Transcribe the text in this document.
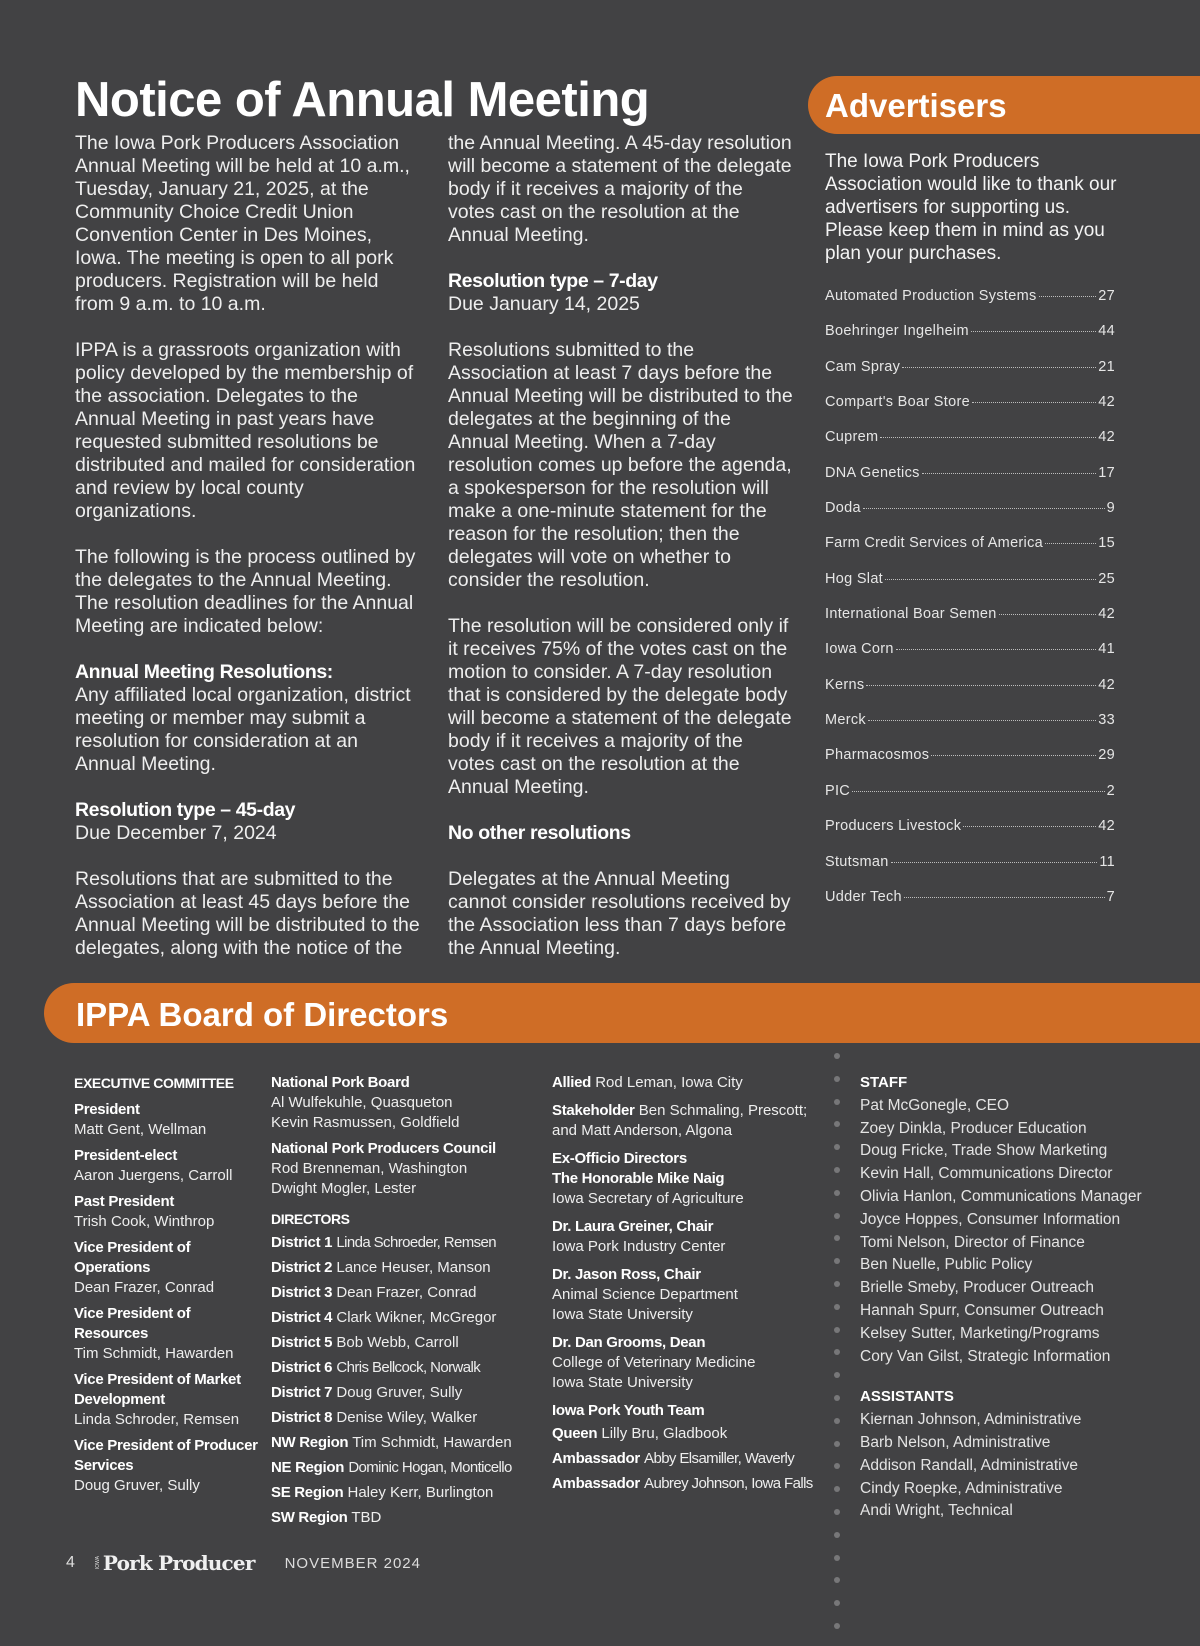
Notice of Annual Meeting

The Iowa Pork Producers Association Annual Meeting will be held at 10 a.m., Tuesday, January 21, 2025, at the Community Choice Credit Union Convention Center in Des Moines, Iowa. The meeting is open to all pork producers. Registration will be held from 9 a.m. to 10 a.m.

IPPA is a grassroots organization with policy developed by the membership of the association. Delegates to the Annual Meeting in past years have requested submitted resolutions be distributed and mailed for consideration and review by local county organizations.

The following is the process outlined by the delegates to the Annual Meeting. The resolution deadlines for the Annual Meeting are indicated below:

Annual Meeting Resolutions:
Any affiliated local organization, district meeting or member may submit a resolution for consideration at an Annual Meeting.
Resolution type – 45-day
Due December 7, 2024

Resolutions that are submitted to the Association at least 45 days before the Annual Meeting will be distributed to the delegates, along with the notice of the

the Annual Meeting. A 45-day resolution will become a statement of the delegate body if it receives a majority of the votes cast on the resolution at the Annual Meeting.

Resolution type – 7-day
Due January 14, 2025

Resolutions submitted to the Association at least 7 days before the Annual Meeting will be distributed to the delegates at the beginning of the Annual Meeting. When a 7-day resolution comes up before the agenda, a spokesperson for the resolution will make a one-minute statement for the reason for the resolution; then the delegates will vote on whether to consider the resolution.

The resolution will be considered only if it receives 75% of the votes cast on the motion to consider. A 7-day resolution that is considered by the delegate body will become a statement of the delegate body if it receives a majority of the votes cast on the resolution at the Annual Meeting.

No other resolutions

Delegates at the Annual Meeting cannot consider resolutions received by the Association less than 7 days before the Annual Meeting.

Advertisers

The Iowa Pork Producers Association would like to thank our advertisers for supporting us. Please keep them in mind as you plan your purchases.

Automated Production Systems	27
Boehringer Ingelheim	44
Cam Spray	21
Compart's Boar Store	42
Cuprem	42
DNA Genetics	17
Doda	9
Farm Credit Services of America	15
Hog Slat	25
International Boar Semen	42
Iowa Corn	41
Kerns	42
Merck	33
Pharmacosmos	29
PIC	2
Producers Livestock	42
Stutsman	11
Udder Tech	7
IPPA Board of Directors
EXECUTIVE COMMITTEE
President
Matt Gent, Wellman
President-elect
Aaron Juergens, Carroll
Past President
Trish Cook, Winthrop
Vice President of Operations
Dean Frazer, Conrad
Vice President of Resources
Tim Schmidt, Hawarden
Vice President of Market Development
Linda Schroder, Remsen
Vice President of Producer Services
Doug Gruver, Sully
National Pork Board
Al Wulfekuhle, Quasqueton
Kevin Rasmussen, Goldfield
National Pork Producers Council
Rod Brenneman, Washington
Dwight Mogler, Lester
DIRECTORS
District 1 Linda Schroeder, Remsen
District 2 Lance Heuser, Manson
District 3 Dean Frazer, Conrad
District 4 Clark Wikner, McGregor
District 5 Bob Webb, Carroll
District 6 Chris Bellcock, Norwalk
District 7 Doug Gruver, Sully
District 8 Denise Wiley, Walker
NW Region Tim Schmidt, Hawarden
NE Region Dominic Hogan, Monticello
SE Region Haley Kerr, Burlington
SW Region TBD
Allied Rod Leman, Iowa City
Stakeholder Ben Schmaling, Prescott; and Matt Anderson, Algona
Ex-Officio Directors
The Honorable Mike Naig
Iowa Secretary of Agriculture
Dr. Laura Greiner, Chair
Iowa Pork Industry Center
Dr. Jason Ross, Chair
Animal Science Department
Iowa State University
Dr. Dan Grooms, Dean
College of Veterinary Medicine
Iowa State University
Iowa Pork Youth Team
Queen Lilly Bru, Gladbook
Ambassador Abby Elsamiller, Waverly
Ambassador Aubrey Johnson, Iowa Falls
STAFF
Pat McGonegle, CEO
Zoey Dinkla, Producer Education
Doug Fricke, Trade Show Marketing
Kevin Hall, Communications Director
Olivia Hanlon, Communications Manager
Joyce Hoppes, Consumer Information
Tomi Nelson, Director of Finance
Ben Nuelle, Public Policy
Brielle Smeby, Producer Outreach
Hannah Spurr, Consumer Outreach
Kelsey Sutter, Marketing/Programs
Cory Van Gilst, Strategic Information
ASSISTANTS
Kiernan Johnson, Administrative
Barb Nelson, Administrative
Addison Randall, Administrative
Cindy Roepke, Administrative
Andi Wright, Technical
4	IOWA Pork Producer NOVEMBER 2024
